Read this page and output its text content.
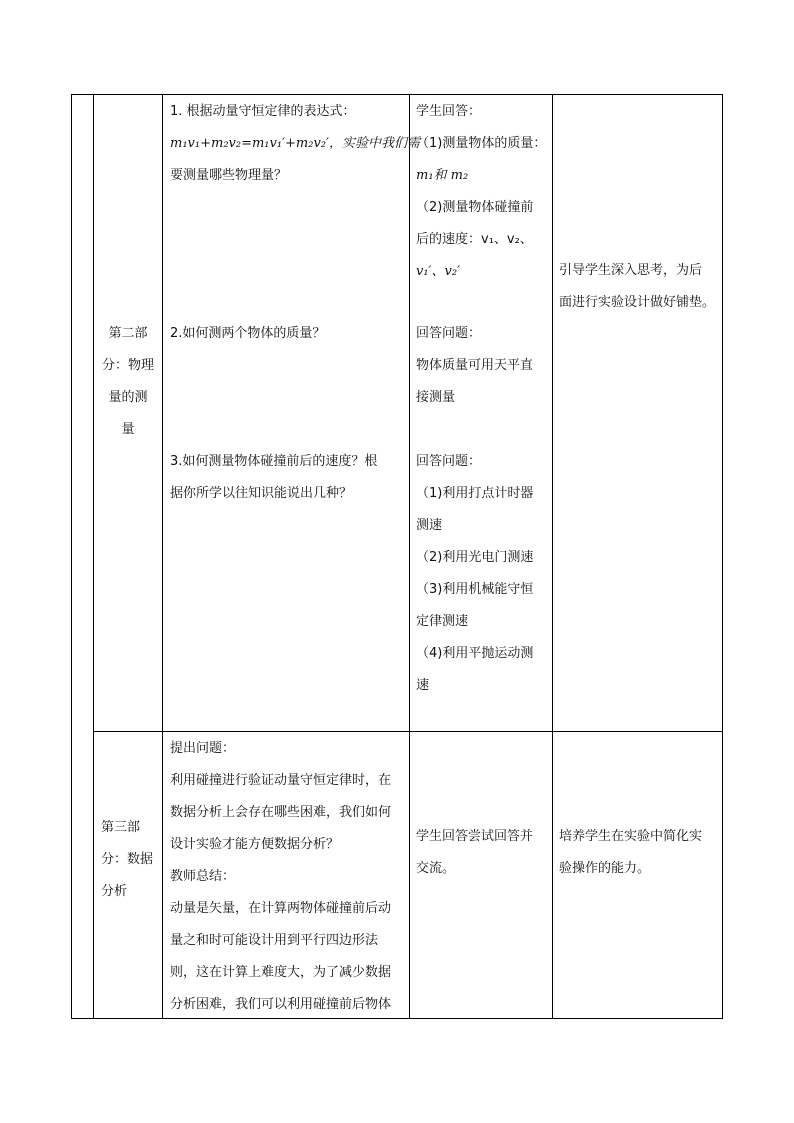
第二部
分：物理
量的测
量
1. 根据动量守恒定律的表达式：
m₁v₁+m₂v₂=m₁v₁′+m₂v₂′，实验中我们需
要测量哪些物理量？
2.如何测两个物体的质量？
3.如何测量物体碰撞前后的速度？根
据你所学以往知识能说出几种？
学生回答：
（1)测量物体的质量：
m₁和 m₂
（2)测量物体碰撞前
后的速度：v₁、v₂、
v₁′、v₂′
回答问题：
物体质量可用天平直
接测量
回答问题：
（1)利用打点计时器
测速
（2)利用光电门测速
（3)利用机械能守恒
定律测速
（4)利用平抛运动测
速
引导学生深入思考，为后
面进行实验设计做好铺垫。
第三部
分：数据
分析
提出问题：
利用碰撞进行验证动量守恒定律时，在
数据分析上会存在哪些困难，我们如何
设计实验才能方便数据分析？
教师总结：
动量是矢量，在计算两物体碰撞前后动
量之和时可能设计用到平行四边形法
则，这在计算上难度大，为了减少数据
分析困难，我们可以利用碰撞前后物体
学生回答尝试回答并
交流。
培养学生在实验中简化实
验操作的能力。
